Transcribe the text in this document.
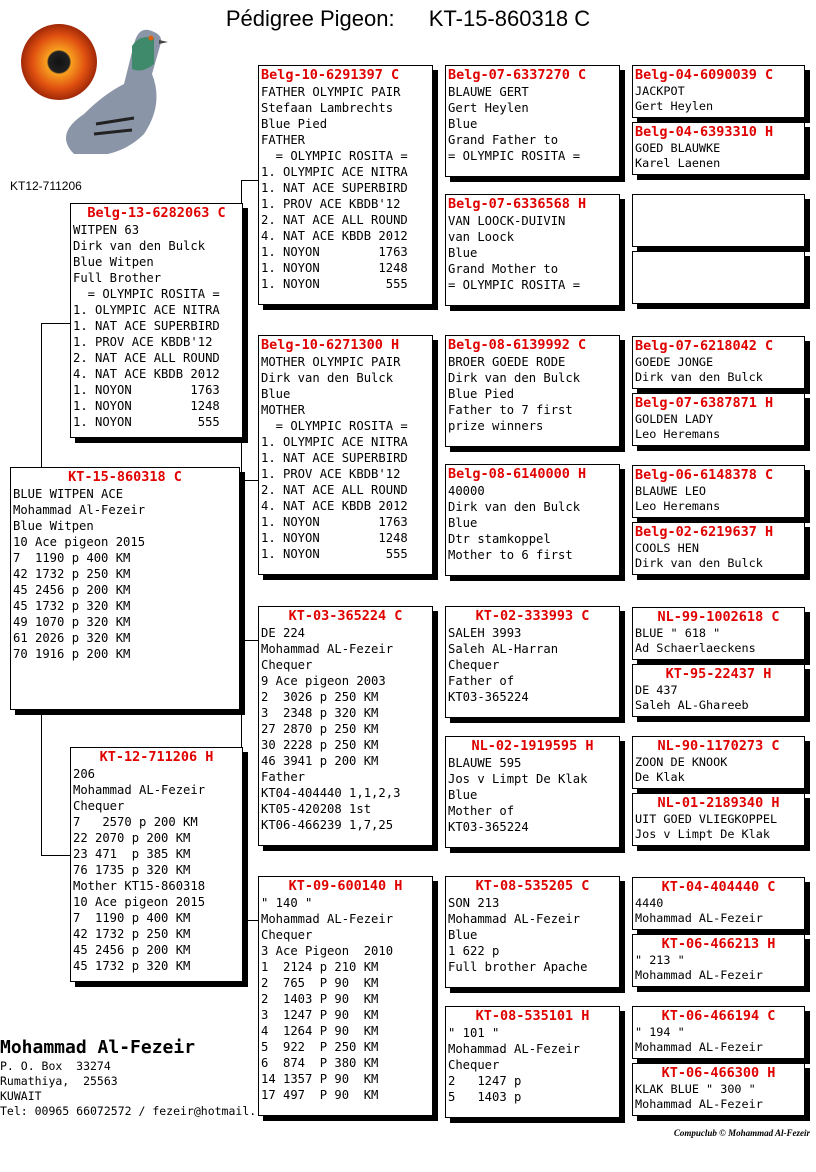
Pédigree Pigeon: KT-15-860318 C
KT12-711206
KT-15-860318 C
BLUE WITPEN ACE
Mohammad Al-Fezeir
Blue Witpen
10 Ace pigeon 2015
7  1190 p 400 KM
42 1732 p 250 KM
45 2456 p 200 KM
45 1732 p 320 KM
49 1070 p 320 KM
61 2026 p 320 KM
70 1916 p 200 KM
Belg-13-6282063 C
WITPEN 63
Dirk van den Bulck
Blue Witpen
Full Brother
= OLYMPIC ROSITA =
1. OLYMPIC ACE NITRA
1. NAT ACE SUPERBIRD
1. PROV ACE KBDB'12
2. NAT ACE ALL ROUND
4. NAT ACE KBDB 2012
1. NOYON        1763
1. NOYON        1248
1. NOYON         555
KT-12-711206 H
206
Mohammad AL-Fezeir
Chequer
7   2570 p 200 KM
22 2070 p 200 KM
23 471  p 385 KM
76 1735 p 320 KM
Mother KT15-860318
10 Ace pigeon 2015
7  1190 p 400 KM
42 1732 p 250 KM
45 2456 p 200 KM
45 1732 p 320 KM
Belg-10-6291397 C
FATHER OLYMPIC PAIR
Stefaan Lambrechts
Blue Pied
FATHER
= OLYMPIC ROSITA =
1. OLYMPIC ACE NITRA
1. NAT ACE SUPERBIRD
1. PROV ACE KBDB'12
2. NAT ACE ALL ROUND
4. NAT ACE KBDB 2012
1. NOYON        1763
1. NOYON        1248
1. NOYON         555
Belg-10-6271300 H
MOTHER OLYMPIC PAIR
Dirk van den Bulck
Blue
MOTHER
= OLYMPIC ROSITA =
1. OLYMPIC ACE NITRA
1. NAT ACE SUPERBIRD
1. PROV ACE KBDB'12
2. NAT ACE ALL ROUND
4. NAT ACE KBDB 2012
1. NOYON        1763
1. NOYON        1248
1. NOYON         555
KT-03-365224 C
DE 224
Mohammad AL-Fezeir
Chequer
9 Ace pigeon 2003
2  3026 p 250 KM
3  2348 p 320 KM
27 2870 p 250 KM
30 2228 p 250 KM
46 3941 p 200 KM
Father
KT04-404440 1,1,2,3
KT05-420208 1st
KT06-466239 1,7,25
KT-09-600140 H
" 140 "
Mohammad AL-Fezeir
Chequer
3 Ace Pigeon  2010
1  2124 p 210 KM
2  765  P 90  KM
2  1403 P 90  KM
3  1247 P 90  KM
4  1264 P 90  KM
5  922  P 250 KM
6  874  P 380 KM
14 1357 P 90  KM
17 497  P 90  KM
Belg-07-6337270 C
BLAUWE GERT
Gert Heylen
Blue
Grand Father to
= OLYMPIC ROSITA =
Belg-07-6336568 H
VAN LOOCK-DUIVIN
van Loock
Blue
Grand Mother to
= OLYMPIC ROSITA =
Belg-08-6139992 C
BROER GOEDE RODE
Dirk van den Bulck
Blue Pied
Father to 7 first
prize winners
Belg-08-6140000 H
40000
Dirk van den Bulck
Blue
Dtr stamkoppel
Mother to 6 first
KT-02-333993 C
SALEH 3993
Saleh AL-Harran
Chequer
Father of
KT03-365224
NL-02-1919595 H
BLAUWE 595
Jos v Limpt De Klak
Blue
Mother of
KT03-365224
KT-08-535205 C
SON 213
Mohammad AL-Fezeir
Blue
1 622 p
Full brother Apache
KT-08-535101 H
" 101 "
Mohammad AL-Fezeir
Chequer
2   1247 p
5   1403 p
Belg-04-6090039 C
JACKPOT
Gert Heylen
Belg-04-6393310 H
GOED BLAUWKE
Karel Laenen
Belg-07-6218042 C
GOEDE JONGE
Dirk van den Bulck
Belg-07-6387871 H
GOLDEN LADY
Leo Heremans
Belg-06-6148378 C
BLAUWE LEO
Leo Heremans
Belg-02-6219637 H
COOLS HEN
Dirk van den Bulck
NL-99-1002618 C
BLUE " 618 "
Ad Schaerlaeckens
KT-95-22437 H
DE 437
Saleh AL-Ghareeb
NL-90-1170273 C
ZOON DE KNOOK
De Klak
NL-01-2189340 H
UIT GOED VLIEGKOPPEL
Jos v Limpt De Klak
KT-04-404440 C
4440
Mohammad AL-Fezeir
KT-06-466213 H
" 213 "
Mohammad AL-Fezeir
KT-06-466194 C
" 194 "
Mohammad AL-Fezeir
KT-06-466300 H
KLAK BLUE " 300 "
Mohammad AL-Fezeir
Mohammad Al-Fezeir
P. O. Box  33274
Rumathiya,  25563
KUWAIT
Tel: 00965 66072572 / fezeir@hotmail.
Compuclub © Mohammad Al-Fezeir
